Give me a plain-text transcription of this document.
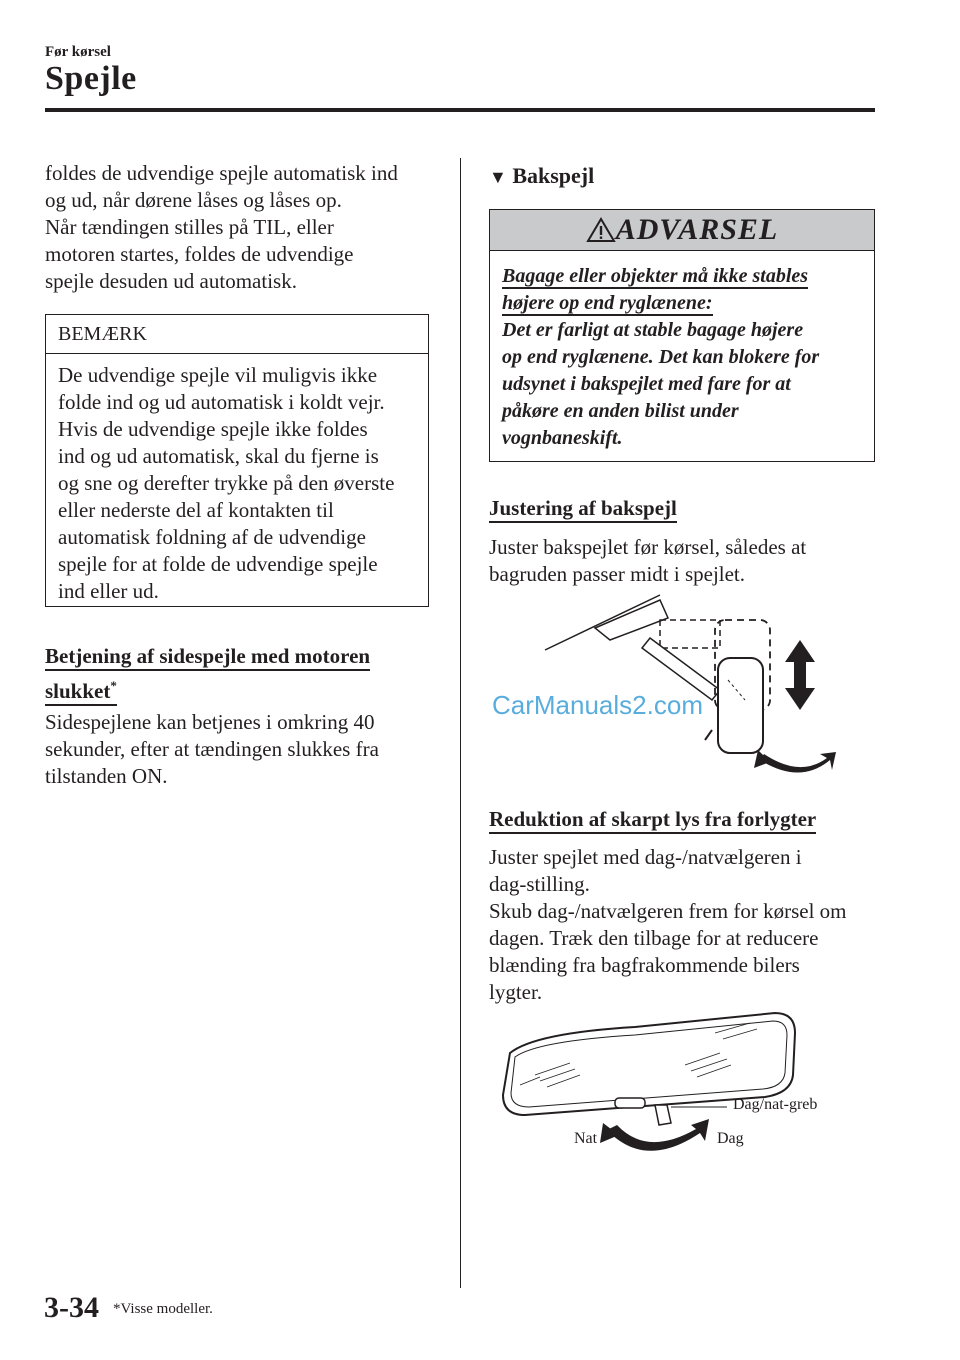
Før kørsel
Spejle
foldes de udvendige spejle automatisk ind
og ud, når dørene låses og låses op.
Når tændingen stilles på TIL, eller
motoren startes, foldes de udvendige
spejle desuden ud automatisk.
BEMÆRK
De udvendige spejle vil muligvis ikke
folde ind og ud automatisk i koldt vejr.
Hvis de udvendige spejle ikke foldes
ind og ud automatisk, skal du fjerne is
og sne og derefter trykke på den øverste
eller nederste del af kontakten til
automatisk foldning af de udvendige
spejle for at folde de udvendige spejle
ind eller ud.
Betjening af sidespejle med motoren
slukket*
Sidespejlene kan betjenes i omkring 40
sekunder, efter at tændingen slukkes fra
tilstanden ON.
▼ Bakspejl
ADVARSEL
Bagage eller objekter må ikke stables
højere op end ryglænene:
Det er farligt at stable bagage højere
op end ryglænene. Det kan blokere for
udsynet i bakspejlet med fare for at
påkøre en anden bilist under
vognbaneskift.
Justering af bakspejl
Juster bakspejlet før kørsel, således at
bagruden passer midt i spejlet.
CarManuals2.com
Reduktion af skarpt lys fra forlygter
Juster spejlet med dag-/natvælgeren i
dag-stilling.
Skub dag-/natvælgeren frem for kørsel om
dagen. Træk den tilbage for at reducere
blænding fra bagfrakommende bilers
lygter.
Dag/nat-greb
Nat	Dag
3-34 *Visse modeller.
